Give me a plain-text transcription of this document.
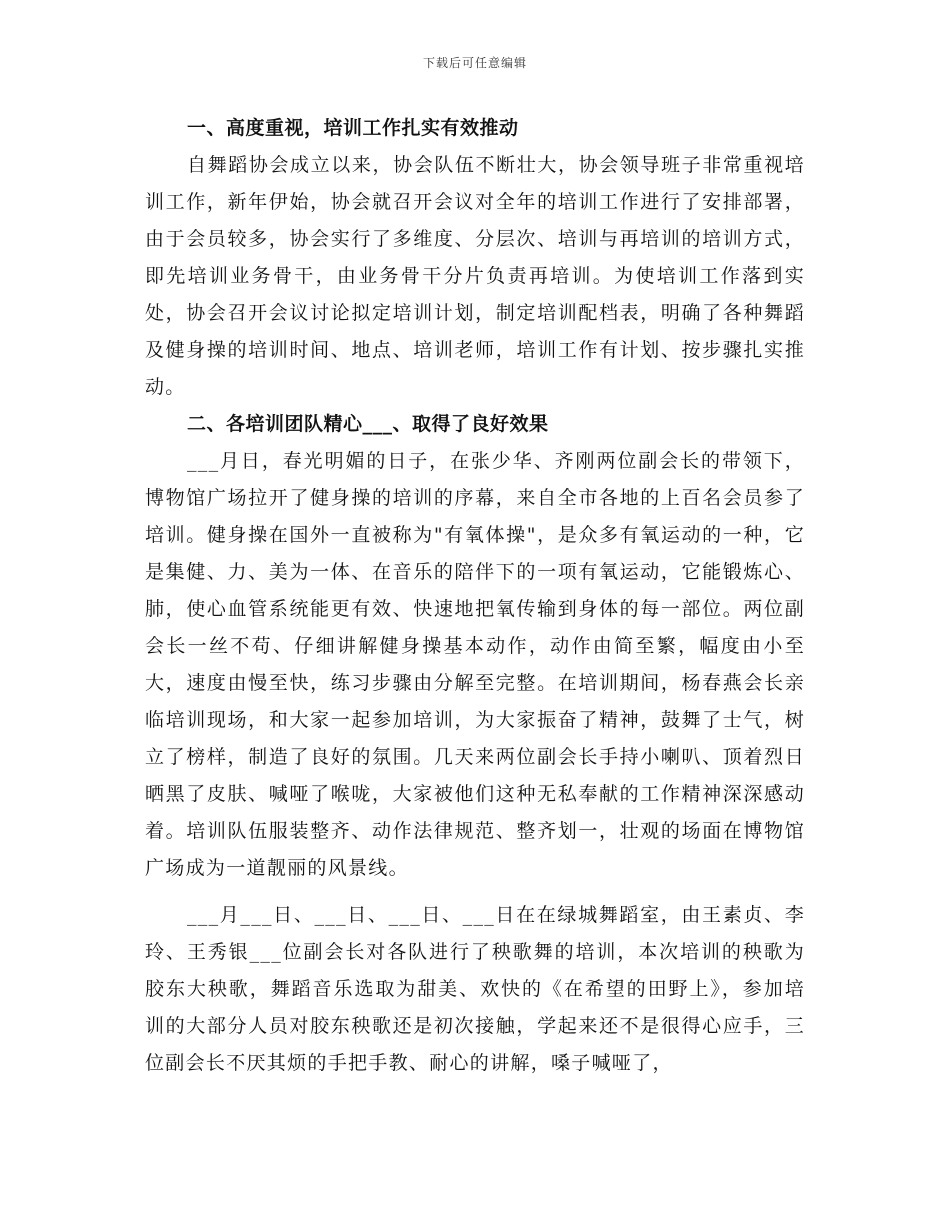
下载后可任意编辑

一、高度重视，培训工作扎实有效推动

自舞蹈协会成立以来，协会队伍不断壮大，协会领导班子非常重视培训工作，新年伊始，协会就召开会议对全年的培训工作进行了安排部署，由于会员较多，协会实行了多维度、分层次、培训与再培训的培训方式，即先培训业务骨干，由业务骨干分片负责再培训。为使培训工作落到实处，协会召开会议讨论拟定培训计划，制定培训配档表，明确了各种舞蹈及健身操的培训时间、地点、培训老师，培训工作有计划、按步骤扎实推动。

二、各培训团队精心___、取得了良好效果

___月日，春光明媚的日子，在张少华、齐刚两位副会长的带领下，博物馆广场拉开了健身操的培训的序幕，来自全市各地的上百名会员参了培训。健身操在国外一直被称为"有氧体操"，是众多有氧运动的一种，它是集健、力、美为一体、在音乐的陪伴下的一项有氧运动，它能锻炼心、肺，使心血管系统能更有效、快速地把氧传输到身体的每一部位。两位副会长一丝不苟、仔细讲解健身操基本动作，动作由简至繁，幅度由小至大，速度由慢至快，练习步骤由分解至完整。在培训期间，杨春燕会长亲临培训现场，和大家一起参加培训，为大家振奋了精神，鼓舞了士气，树立了榜样，制造了良好的氛围。几天来两位副会长手持小喇叭、顶着烈日晒黑了皮肤、喊哑了喉咙，大家被他们这种无私奉献的工作精神深深感动着。培训队伍服装整齐、动作法律规范、整齐划一，壮观的场面在博物馆广场成为一道靓丽的风景线。

___月___日、___日、___日、___日在在绿城舞蹈室，由王素贞、李玲、王秀银___位副会长对各队进行了秧歌舞的培训，本次培训的秧歌为胶东大秧歌，舞蹈音乐选取为甜美、欢快的《在希望的田野上》，参加培训的大部分人员对胶东秧歌还是初次接触，学起来还不是很得心应手，三位副会长不厌其烦的手把手教、耐心的讲解，嗓子喊哑了，
